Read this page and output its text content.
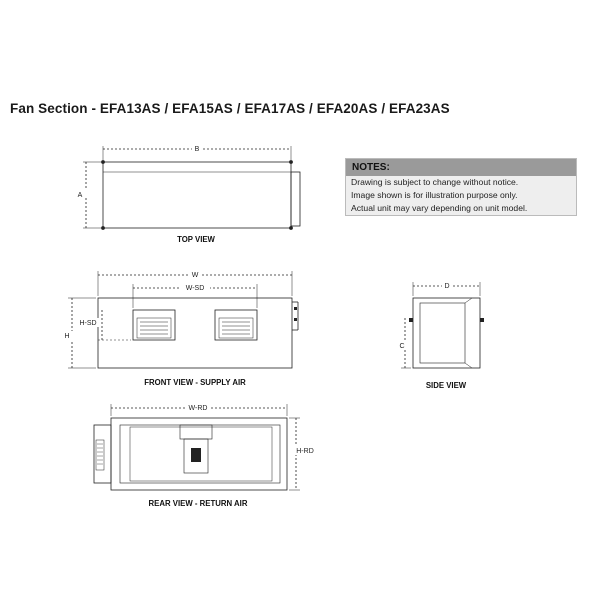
Fan Section - EFA13AS / EFA15AS / EFA17AS / EFA20AS / EFA23AS
NOTES:
Drawing is subject to change without notice.
Image shown is for illustration purpose only.
Actual unit may vary depending on unit model.
B
A
TOP VIEW
W
W-SD
H-SD
H
FRONT VIEW - SUPPLY AIR
D
C
SIDE VIEW
W-RD
H-RD
REAR VIEW - RETURN AIR
